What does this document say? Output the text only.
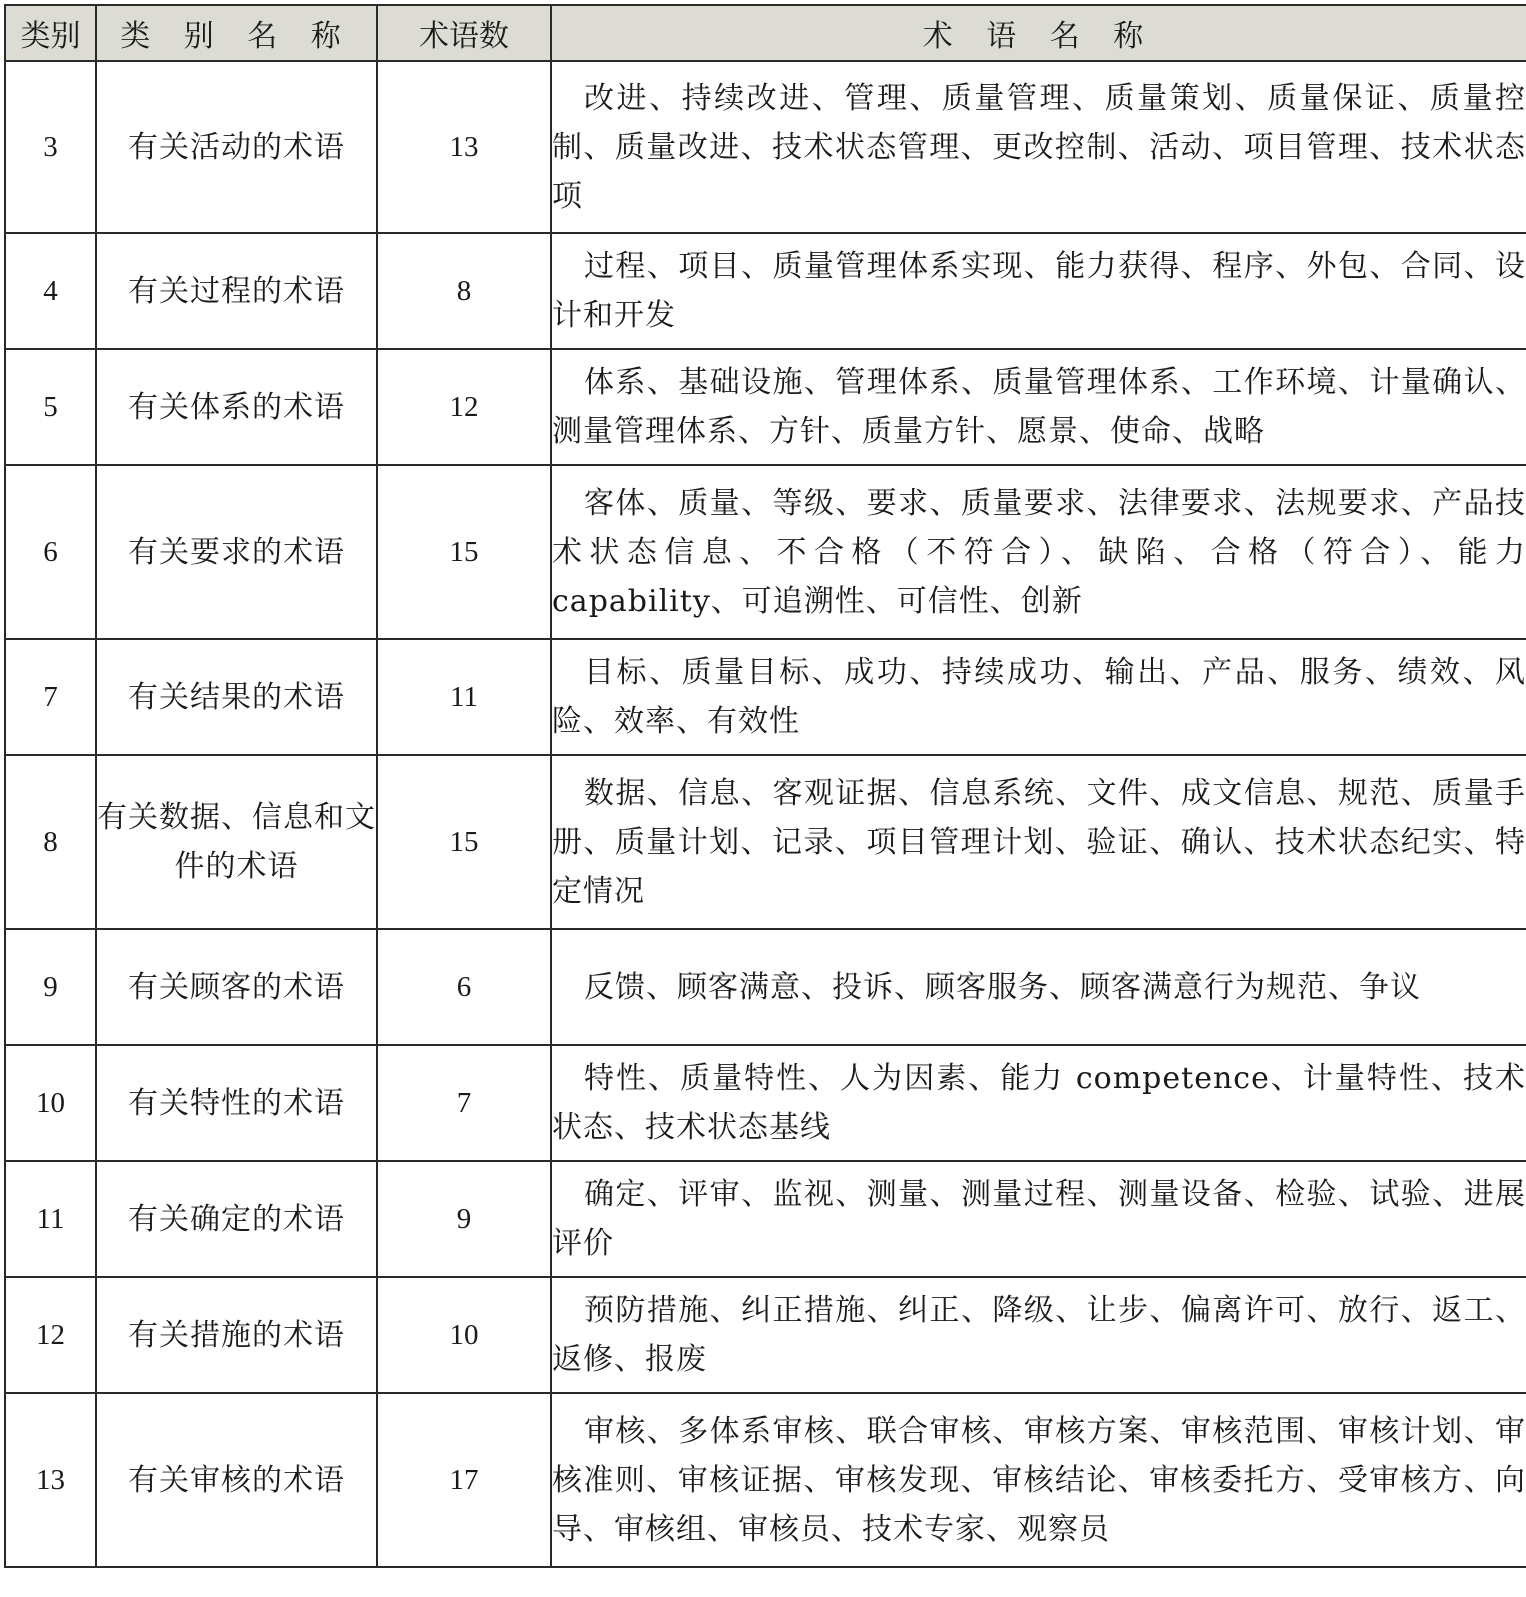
类别	类 别 名 称	术语数	术 语 名 称
3	有关活动的术语	13	改进、持续改进、管理、质量管理、质量策划、质量保证、质量控制、质量改进、技术状态管理、更改控制、活动、项目管理、技术状态项
4	有关过程的术语	8	过程、项目、质量管理体系实现、能力获得、程序、外包、合同、设计和开发
5	有关体系的术语	12	体系、基础设施、管理体系、质量管理体系、工作环境、计量确认、测量管理体系、方针、质量方针、愿景、使命、战略
6	有关要求的术语	15	客体、质量、等级、要求、质量要求、法律要求、法规要求、产品技术状态信息、不合格（不符合）、缺陷、合格（符合）、能力 capability、可追溯性、可信性、创新
7	有关结果的术语	11	目标、质量目标、成功、持续成功、输出、产品、服务、绩效、风险、效率、有效性
8	有关数据、信息和文件的术语	15	数据、信息、客观证据、信息系统、文件、成文信息、规范、质量手册、质量计划、记录、项目管理计划、验证、确认、技术状态纪实、特定情况
9	有关顾客的术语	6	反馈、顾客满意、投诉、顾客服务、顾客满意行为规范、争议
10	有关特性的术语	7	特性、质量特性、人为因素、能力 competence、计量特性、技术状态、技术状态基线
11	有关确定的术语	9	确定、评审、监视、测量、测量过程、测量设备、检验、试验、进展评价
12	有关措施的术语	10	预防措施、纠正措施、纠正、降级、让步、偏离许可、放行、返工、返修、报废
13	有关审核的术语	17	审核、多体系审核、联合审核、审核方案、审核范围、审核计划、审核准则、审核证据、审核发现、审核结论、审核委托方、受审核方、向导、审核组、审核员、技术专家、观察员
